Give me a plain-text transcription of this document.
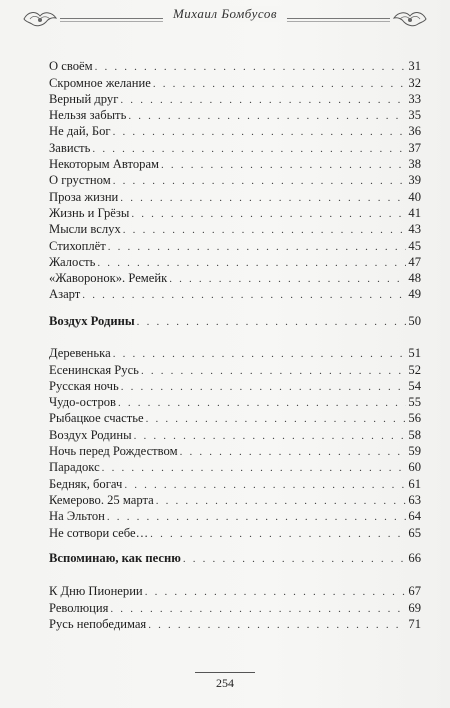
Михаил Бомбусов
О своём . . .	31
Скромное желание . . .	32
Верный друг . . .	33
Нельзя забыть . . .	35
Не дай, Бог . . .	36
Зависть . . .	37
Некоторым Авторам . . .	38
О грустном . . .	39
Проза жизни . . .	40
Жизнь и Грёзы . . .	41
Мысли вслух . . .	43
Стихоплёт . . .	45
Жалость . . .	47
«Жаворонок». Ремейк . . .	48
Азарт . . .	49
Воздух Родины . . .	50
Деревенька . . .	51
Есенинская Русь . . .	52
Русская ночь . . .	54
Чудо-остров . . .	55
Рыбацкое счастье . . .	56
Воздух Родины . . .	58
Ночь перед Рождеством . . .	59
Парадокс . . .	60
Бедняк, богач . . .	61
Кемерово. 25 марта . . .	63
На Эльтон . . .	64
Не сотвори себе… . . .	65
Вспоминаю, как песню . . .	66
К Дню Пионерии . . .	67
Революция . . .	69
Русь непобедимая . . .	71
254
